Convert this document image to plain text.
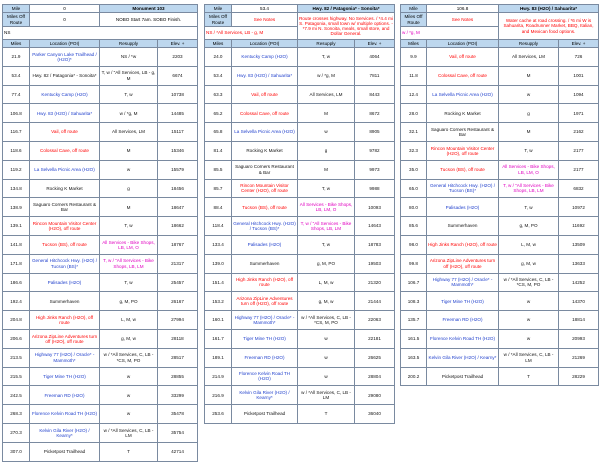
Mile	0	Monument 103	
Miles Off Route	0	NOBO Start 7am. SOBO Finish.	
NS			
Miles	Location (POI)	Resupply	Elev. +
21.9	Parker Canyon Lake Trailhead / (H2O)*	NS / *w	2203
53.4	Hwy. 82 / Patagonia* - Sonoita*	T, w / "All Services, LB - g, M	6674
77.4	Kentucky Camp (H2O)	T, w	10738
106.8	Hwy. 83 (H2O) / Sahuarita*	w / *g, M	14485
116.7	Vail, off route	All Services, LM	15117
118.6	Colossal Cave, off route	M	15346
119.2	La Selvella Picnic Area (H2O)	w	15579
134.8	Rocking K Market	g	18456
138.9	Saguaro Corners Restaurant & Bar	M	18647
139.1	Rincon Mountain Visitor Center (H2O), off route	T, w	18662
141.8	Tucson (BS), off route	All Services - Bike Shops, LB, LM, O	18767
171.8	General Hitchcock Hwy. (H2O) / Tucson (BS)*	T, w / "All Services - Bike Shops, LB, LM	21317
186.6	Palisades (H2O)	T, w	25457
192.4	Summerhaven	g, M, PO	26167
204.8	High Jinks Ranch (H2O), off route	L, M, w	27994
206.6	Arizona ZipLine Adventures turn off (H2O), off route	g, M, w	28118
213.5	Highway 77 (H2O) / Oracle* - Mammoth*	w / *All Services, C, LB - *CS, M, PO	28517
215.5	Tiger Mine TH (H2O)	w	28855
242.5	Freeman RD (H2O)	w	33299
268.3	Florence Kelvin Road TH (H2O)	w	35478
270.3	Kelvin Gila River (H2O) / Kearny*	w / *All Services, C, LB - LM	35754
307.0	Picketpost Trailhead	T	42714
Mile	53.4	Hwy. 82 / Patagonia* - Sonoita*	
Miles Off Route	See Notes	Route crosses highway. No Services. / *4.4 mi S. Patagonia, small town w/ multiple options. - *7.9 mi N. Sonoita, meals, small store, and Dollar General.	
NS / *All Services, LB - g, M			
Miles	Location (POI)	Resupply	Elev. +
24.0	Kentucky Camp (H2O)	T, w	4064
53.4	Hwy. 83 (H2O) / Sahuarita*	w / *g, M	7811
63.3	Vail, off route	All Services, LM	8443
65.2	Colossal Cave, off route	M	8672
65.8	La Selvella Picnic Area (H2O)	w	8905
81.4	Rocking K Market	g	9782
85.5	Saguaro Corners Restaurant & Bar	M	9973
85.7	Rincon Mountain Visitor Center (H2O), off route	T, w	9988
88.4	Tucson (BS), off route	All Services - Bike Shops, LB, LM, O	10093
118.4	General Hitchcock Hwy. (H2O) / Tucson (BS)*	T, w / "All Services - Bike Shops, LB, LM	14643
133.4	Palisades (H2O)	T, w	18783
139.0	Summerhaven	g, M, PO	19503
151.4	High Jinks Ranch (H2O), off route	L, M, w	21320
153.2	Arizona ZipLine Adventures turn off (H2O), off route	g, M, w	21444
160.1	Highway 77 (H2O) / Oracle* - Mammoth*	w / *All Services, C, LB - *CS, M, PO	22063
161.7	Tiger Mine TH (H2O)	w	22181
189.1	Freeman RD (H2O)	w	26625
214.9	Florence Kelvin Road TH (H2O)	w	28804
216.9	Kelvin Gila River (H2O) / Kearny*	w / *All Services, C, LB - LM	29080
253.6	Picketpost Trailhead	T	36040
Mile	106.8	Hwy. 83 (H2O) / Sahuarita*	
Miles Off Route	See Notes	Water cache at road crossing. / *6 mi W is Sahuarita, Roadrunner Market, BBQ, Italian, and Mexican food options.	
w / *g, M			
Miles	Location (POI)	Resupply	Elev. +
9.9	Vail, off route	All Services, LM	726
11.8	Colossal Cave, off route	M	1001
12.4	La Selvella Picnic Area (H2O)	w	1094
28.0	Rocking K Market	g	1971
32.1	Saguaro Corners Restaurant & Bar	M	2162
32.3	Rincon Mountain Visitor Center (H2O), off route	T, w	2177
35.0	Tucson (BS), off route	All Services - Bike Shops, LB, LM, O	2177
65.0	General Hitchcock Hwy. (H2O) / Tucson (BS)*	T, w / "All Services - Bike Shops, LB, LM	6832
80.0	Palisades (H2O)	T, w	10972
85.6	Summerhaven	g, M, PO	11692
98.0	High Jinks Ranch (H2O), off route	L, M, w	13509
99.8	Arizona ZipLine Adventures turn off (H2O), off route	g, M, w	13633
106.7	Highway 77 (H2O) / Oracle* - Mammoth*	w / *All Services, C, LB - *CS, M, PO	14252
108.3	Tiger Mine TH (H2O)	w	14370
135.7	Freeman RD (H2O)	w	18814
161.5	Florence Kelvin Road TH (H2O)	w	20993
163.5	Kelvin Gila River (H2O) / Kearny*	w / *All Services, C, LB - LM	21269
200.2	Picketpost Trailhead	T	28229
